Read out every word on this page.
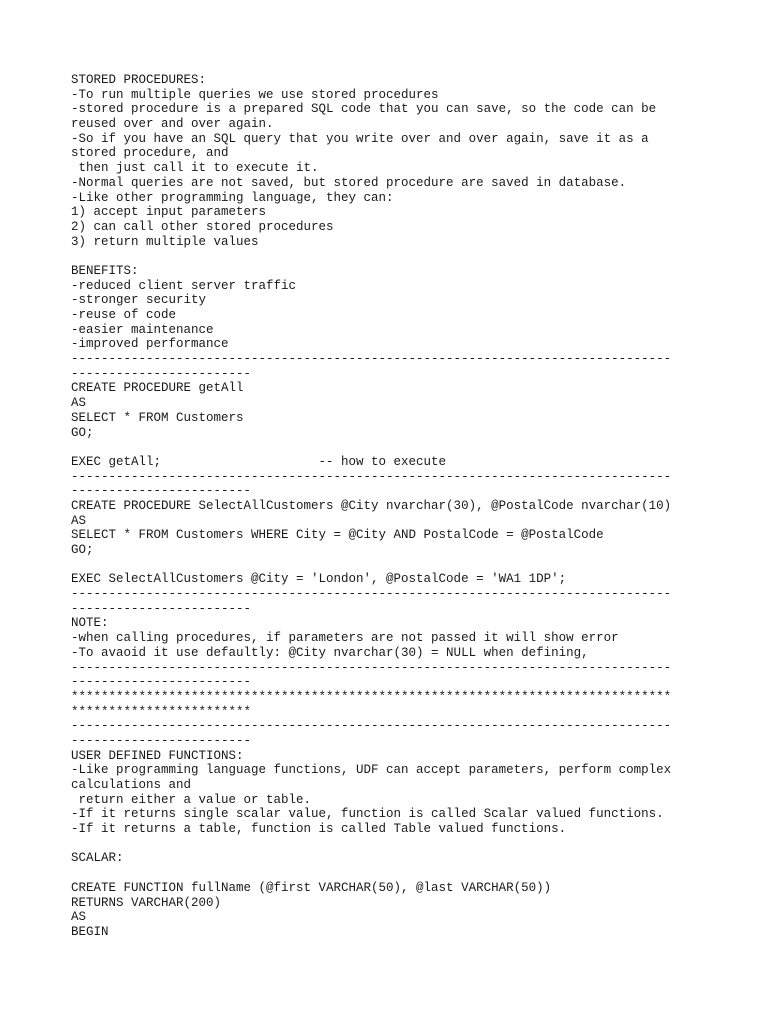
STORED PROCEDURES:
-To run multiple queries we use stored procedures
-stored procedure is a prepared SQL code that you can save, so the code can be
reused over and over again.
-So if you have an SQL query that you write over and over again, save it as a
stored procedure, and
then just call it to execute it.
-Normal queries are not saved, but stored procedure are saved in database.
-Like other programming language, they can:
1) accept input parameters
2) can call other stored procedures
3) return multiple values
BENEFITS:
-reduced client server traffic
-stronger security
-reuse of code
-easier maintenance
-improved performance
--------------------------------------------------------------------------------
------------------------
CREATE PROCEDURE getAll
AS
SELECT * FROM Customers
GO;
EXEC getAll;                     -- how to execute
--------------------------------------------------------------------------------
------------------------
CREATE PROCEDURE SelectAllCustomers @City nvarchar(30), @PostalCode nvarchar(10)
AS
SELECT * FROM Customers WHERE City = @City AND PostalCode = @PostalCode
GO;
EXEC SelectAllCustomers @City = 'London', @PostalCode = 'WA1 1DP';
--------------------------------------------------------------------------------
------------------------
NOTE:
-when calling procedures, if parameters are not passed it will show error
-To avaoid it use defaultly: @City nvarchar(30) = NULL when defining,
--------------------------------------------------------------------------------
------------------------
********************************************************************************
************************
--------------------------------------------------------------------------------
------------------------
USER DEFINED FUNCTIONS:
-Like programming language functions, UDF can accept parameters, perform complex
calculations and
return either a value or table.
-If it returns single scalar value, function is called Scalar valued functions.
-If it returns a table, function is called Table valued functions.
SCALAR:
CREATE FUNCTION fullName (@first VARCHAR(50), @last VARCHAR(50))
RETURNS VARCHAR(200)
AS
BEGIN
